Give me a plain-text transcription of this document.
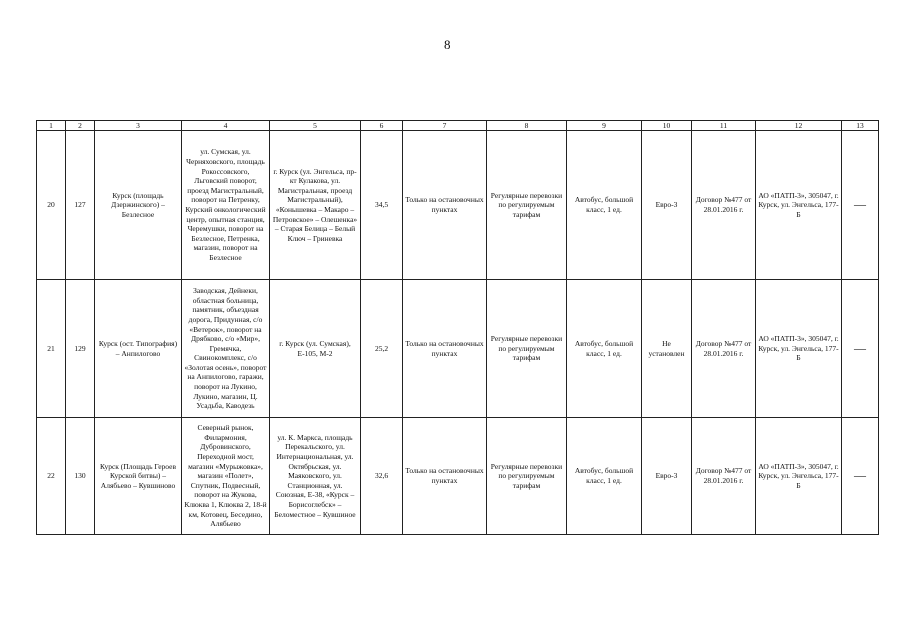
8
1	2	3	4	5	6	7	8	9	10	11	12	13
20	127	Курск (площадь Дзержинского) – Безлесное	ул. Сумская, ул. Черняховского, площадь Рокоссовского, Льговский поворот, проезд Магистральный, поворот на Петренку, Курский онкологический центр, опытная станция, Черемушки, поворот на Безлесное, Петренка, магазин, поворот на Безлесное	г. Курск (ул. Энгельса, пр-кт Кулакова, ул. Магистральная, проезд Магистральный), «Конышевка – Макаро – Петровское» – Олешенка» – Старая Белица – Белый Ключ – Гриневка	34,5	Только на остановочных пунктах	Регулярные перевозки по регулируемым тарифам	Автобус, большой класс, 1 ед.	Евро-3	Договор №477 от 28.01.2016 г.	АО «ПАТП-3», 305047, г. Курск, ул. Энгельса, 177-Б	—
21	129	Курск (ост. Типография) – Анпилогово	Заводская, Дейнеки, областная больница, памятник, объездная дорога, Придунная, с/о «Ветерок», поворот на Дрябково, с/о «Мир», Гремячка, Свинокомплекс, с/о «Золотая осень», поворот на Анпилогово, гаражи, поворот на Лукино, Лукино, магазин, Ц. Усадьба, Каводезь	г. Курск (ул. Сумская), Е-105, М-2	25,2	Только на остановочных пунктах	Регулярные перевозки по регулируемым тарифам	Автобус, большой класс, 1 ед.	Не установлен	Договор №477 от 28.01.2016 г.	АО «ПАТП-3», 305047, г. Курск, ул. Энгельса, 177-Б	—
22	130	Курск (Площадь Героев Курской битвы) – Алябьево – Кувшиново	Северный рынок, Филармония, Дубровинского, Переходной мост, магазин «Мурыжовка», магазин «Полет», Спутник, Подвесный, поворот на Жукова, Клюква 1, Клюква 2, 18-й км, Котовец, Беседино, Алябьево	ул. К. Маркса, площадь Перекальского, ул. Интернациональная, ул. Октябрьская, ул. Маяковского, ул. Станционная, ул. Союзная, Е-38, «Курск – Борисоглебск» – Беломестное – Кувшиное	32,6	Только на остановочных пунктах	Регулярные перевозки по регулируемым тарифам	Автобус, большой класс, 1 ед.	Евро-3	Договор №477 от 28.01.2016 г.	АО «ПАТП-3», 305047, г. Курск, ул. Энгельса, 177-Б	—
